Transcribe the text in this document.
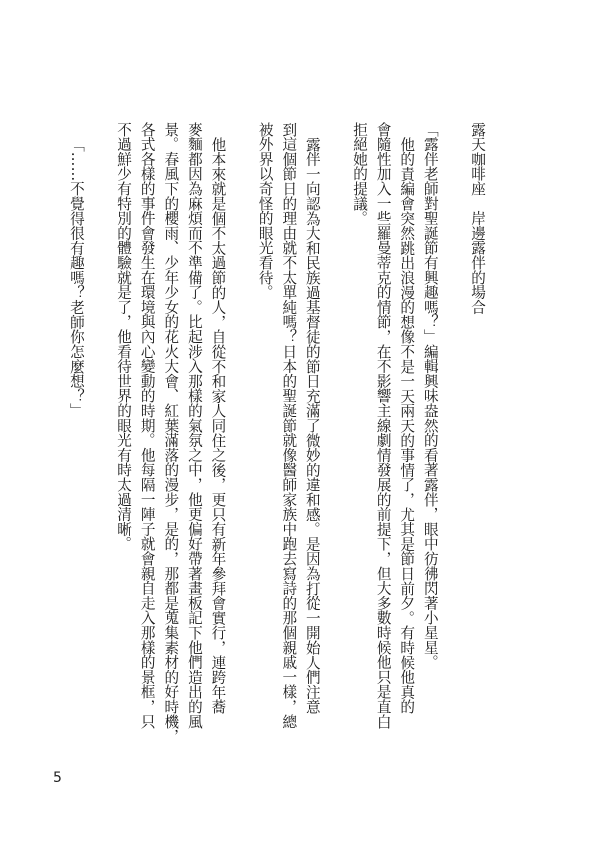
露天咖啡座　岸邊露伴的場合
「露伴老師對聖誕節有興趣嗎？」編輯興味盎然的看著露伴，眼中彷彿閃著小星星。
他的責編會突然跳出浪漫的想像不是一天兩天的事情了，尤其是節日前夕。有時候他真的
會隨性加入一些羅曼蒂克的情節，在不影響主線劇情發展的前提下，但大多數時候他只是直白
拒絕她的提議。
露伴一向認為大和民族過基督徒的節日充滿了微妙的違和感。是因為打從一開始人們注意
到這個節日的理由就不太單純嗎？日本的聖誕節就像醫師家族中跑去寫詩的那個親戚一樣，總
被外界以奇怪的眼光看待。
他本來就是個不太過節的人，自從不和家人同住之後，更只有新年參拜會實行，連跨年蕎
麥麵都因為麻煩而不準備了。比起涉入那樣的氣氛之中，他更偏好帶著畫板記下他們造出的風
景。春風下的櫻雨、少年少女的花火大會、紅葉滿落的漫步，是的，那都是蒐集素材的好時機，
各式各樣的事件會發生在環境與內心變動的時期。他每隔一陣子就會親自走入那樣的景框，只
不過鮮少有特別的體驗就是了，他看待世界的眼光有時太過清晰。
「……不覺得很有趣嗎？老師你怎麼想？」
5
